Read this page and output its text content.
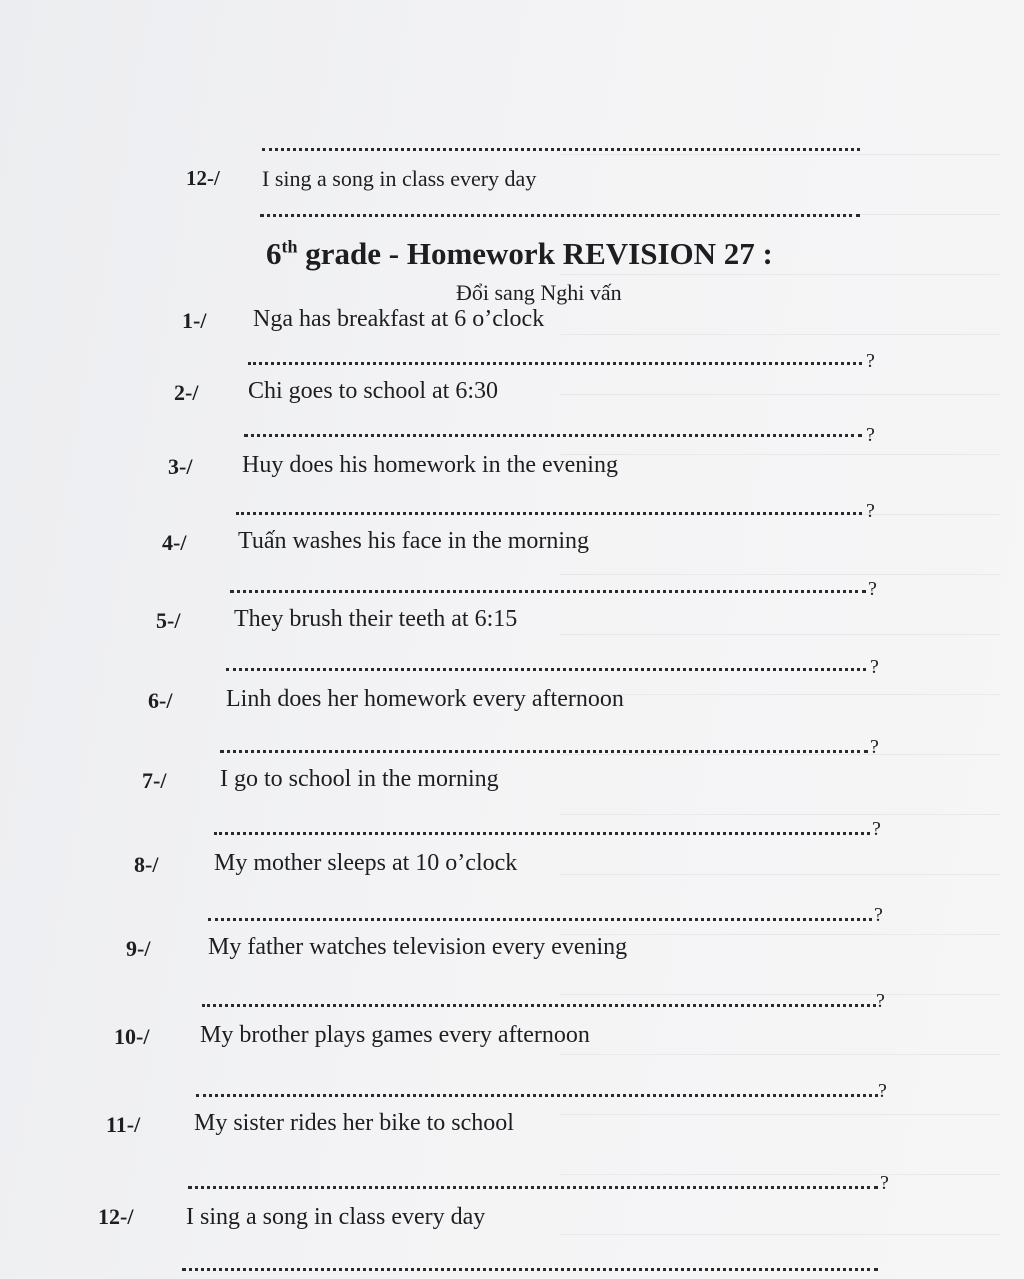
12-/ I sing a song in class every day
6th grade - Homework REVISION 27 :
Đổi sang Nghi vấn
1-/ Nga has breakfast at 6 o’clock
?
2-/ Chi goes to school at 6:30
?
3-/ Huy does his homework in the evening
?
4-/ Tuấn washes his face in the morning
?
5-/ They brush their teeth at 6:15
?
6-/ Linh does her homework every afternoon
?
7-/ I go to school in the morning
?
8-/ My mother sleeps at 10 o’clock
?
9-/ My father watches television every evening
?
10-/ My brother plays games every afternoon
?
11-/ My sister rides her bike to school
?
12-/ I sing a song in class every day
